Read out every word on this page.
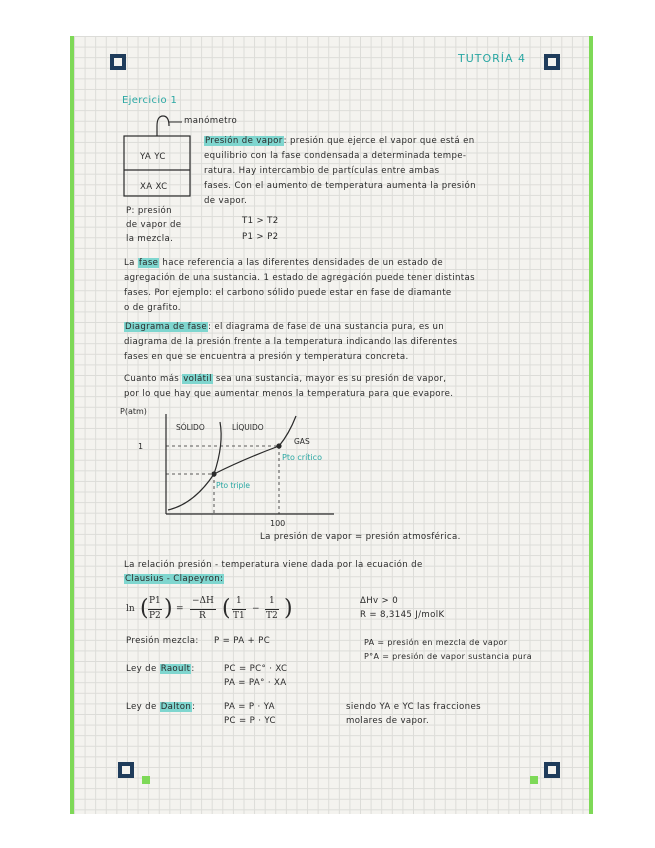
TUTORÍA 4
Ejercicio 1
manómetro
YA YC
XA XC
P: presión
de vapor de
la mezcla.
T1 > T2
P1 > P2
Presión de vapor: presión que ejerce el vapor que está en
equilibrio con la fase condensada a determinada tempe-
ratura. Hay intercambio de partículas entre ambas
fases. Con el aumento de temperatura aumenta la presión
de vapor.
La fase hace referencia a las diferentes densidades de un estado de
agregación de una sustancia. 1 estado de agregación puede tener distintas
fases. Por ejemplo: el carbono sólido puede estar en fase de diamante
o de grafito.
Diagrama de fase: el diagrama de fase de una sustancia pura, es un
diagrama de la presión frente a la temperatura indicando las diferentes
fases en que se encuentra a presión y temperatura concreta.
Cuanto más volátil sea una sustancia, mayor es su presión de vapor,
por lo que hay que aumentar menos la temperatura para que evapore.
P(atm)
SÓLIDO	LÍQUIDO
GAS
1
100
Pto crítico
Pto triple
La presión de vapor = presión atmosférica.
La relación presión - temperatura viene dada por la ecuación de
Clausius - Clapeyron:
ln ( P1
P2 ) =
−ΔH
R ( 1
T1
−
1
T2 )	ΔHv > 0
R = 8,3145 J/molK
Presión mezcla: P = PA + PC	PA = presión en mezcla de vapor
P°A = presión de vapor sustancia pura
Ley de Raoult:	PC = PC° · XC
PA = PA° · XA
Ley de Dalton:	PA = P · YA
PC = P · YC
siendo YA e YC las fracciones
molares de vapor.
